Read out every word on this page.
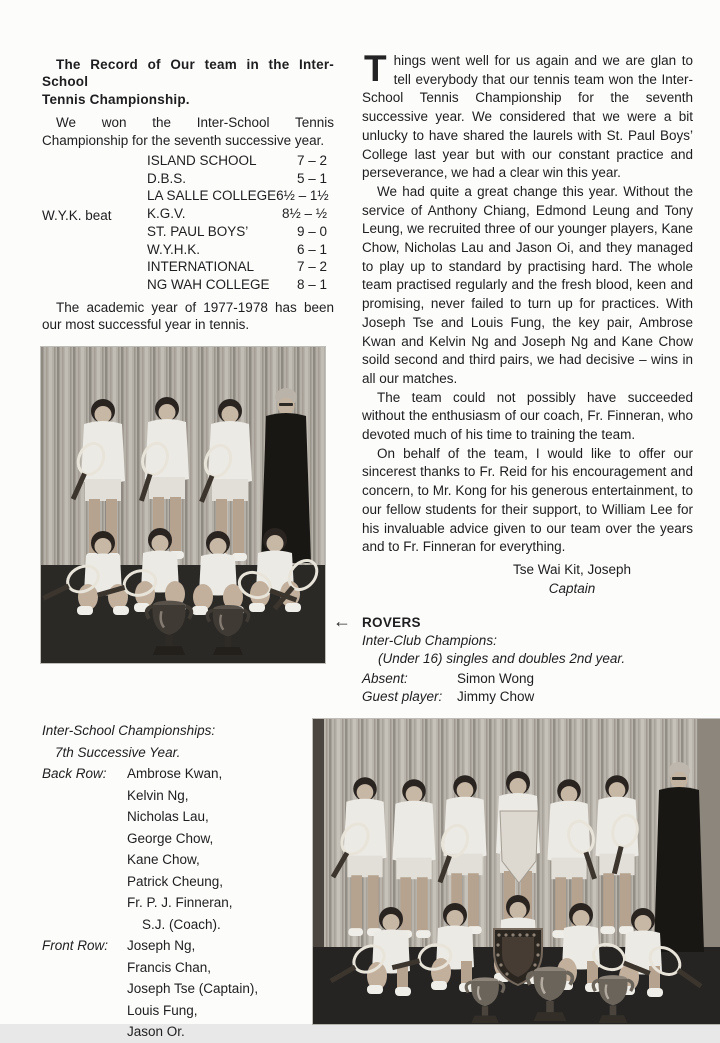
The Record of Our team in the Inter-School
Tennis Championship.

We won the Inter-School Tennis Championship for the seventh successive year.

W.Y.K. beat
ISLAND SCHOOL	7 – 2
D.B.S.	5 – 1
LA SALLE COLLEGE 6½ – 1½
K.G.V.	8½ – ½
ST. PAUL BOYS’	9 – 0
W.Y.H.K.	6 – 1
INTERNATIONAL	7 – 2
NG WAH COLLEGE 8 – 1

The academic year of 1977-1978 has been our most successful year in tennis.

Things went well for us again and we are glan to tell everybody that our tennis team won the Inter-School Tennis Championship for the seventh successive year. We considered that we were a bit unlucky to have shared the laurels with St. Paul Boys’ College last year but with our constant practice and perseverance, we had a clear win this year.

We had quite a great change this year. Without the service of Anthony Chiang, Edmond Leung and Tony Leung, we recruited three of our younger players, Kane Chow, Nicholas Lau and Jason Oi, and they managed to play up to standard by practising hard. The whole team practised regularly and the fresh blood, keen and promising, never failed to turn up for practices. With Joseph Tse and Louis Fung, the key pair, Ambrose Kwan and Kelvin Ng and Joseph Ng and Kane Chow soild second and third pairs, we had decisive – wins in all our matches.

The team could not possibly have succeeded without the enthusiasm of our coach, Fr. Finneran, who devoted much of his time to training the team.

On behalf of the team, I would like to offer our sincerest thanks to Fr. Reid for his encouragement and concern, to Mr. Kong for his generous entertainment, to our fellow students for their support, to William Lee for his invaluable advice given to our team over the years and to Fr. Finneran for everything.

Tse Wai Kit, Joseph
Captain
← ROVERS
Inter-Club Champions:
(Under 16) singles and doubles 2nd year.
Absent:	Simon Wong
Guest player:	Jimmy Chow
Inter-School Championships:
7th Successive Year.
Back Row:	Ambrose Kwan,
Kelvin Ng,
Nicholas Lau,
George Chow,
Kane Chow,
Patrick Cheung,
Fr. P. J. Finneran,
S.J. (Coach).
Front Row:	Joseph Ng,
Francis Chan,
Joseph Tse (Captain),
Louis Fung,
Jason Or.
